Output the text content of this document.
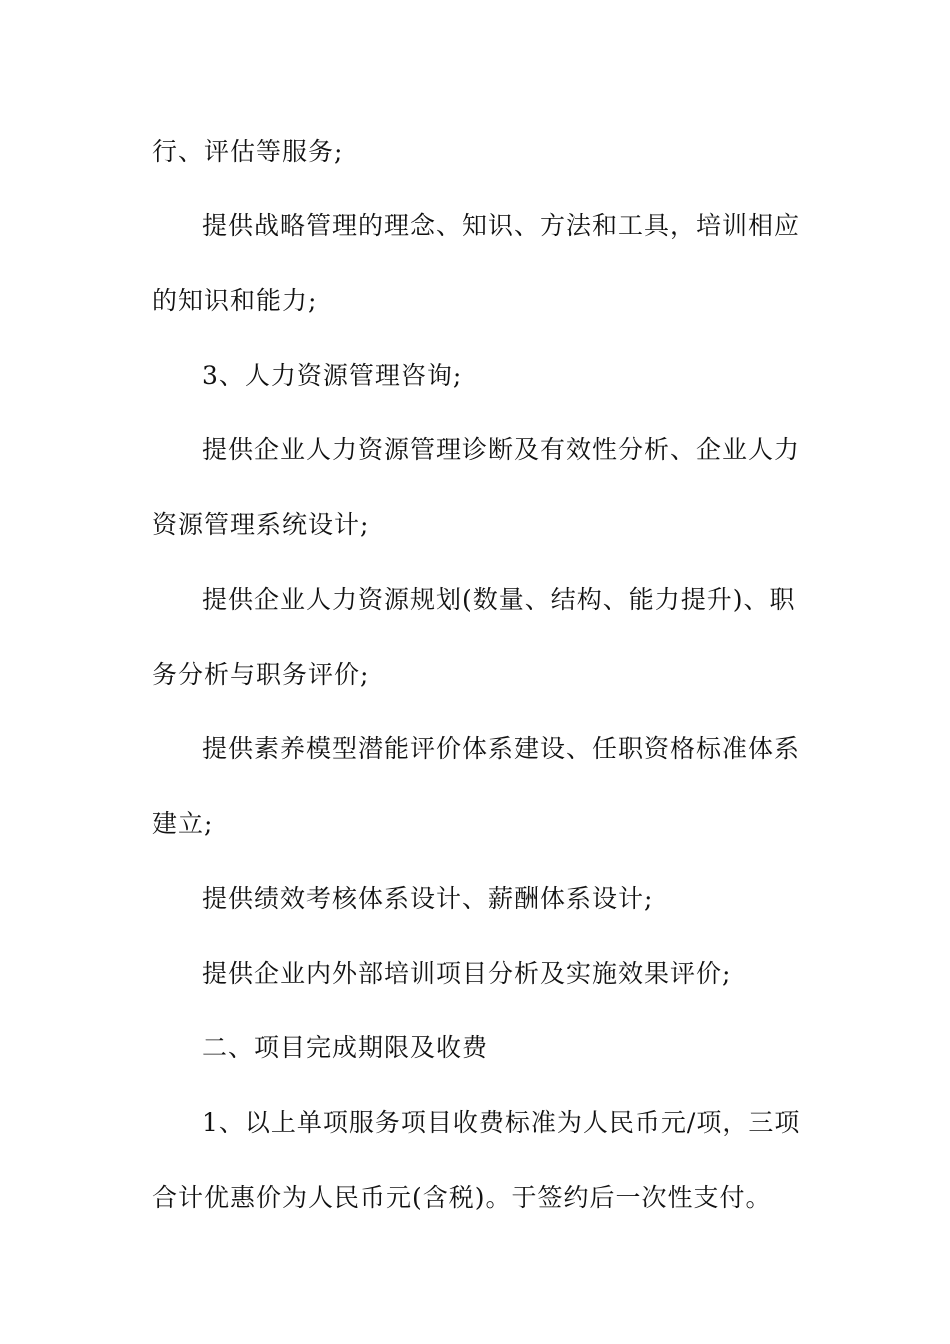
行、评估等服务;
提供战略管理的理念、知识、方法和工具，培训相应
的知识和能力;
3、人力资源管理咨询;
提供企业人力资源管理诊断及有效性分析、企业人力
资源管理系统设计;
提供企业人力资源规划(数量、结构、能力提升)、职
务分析与职务评价;
提供素养模型潜能评价体系建设、任职资格标准体系
建立;
提供绩效考核体系设计、薪酬体系设计;
提供企业内外部培训项目分析及实施效果评价;
二、项目完成期限及收费
1、以上单项服务项目收费标准为人民币元/项，三项
合计优惠价为人民币元(含税)。于签约后一次性支付。
